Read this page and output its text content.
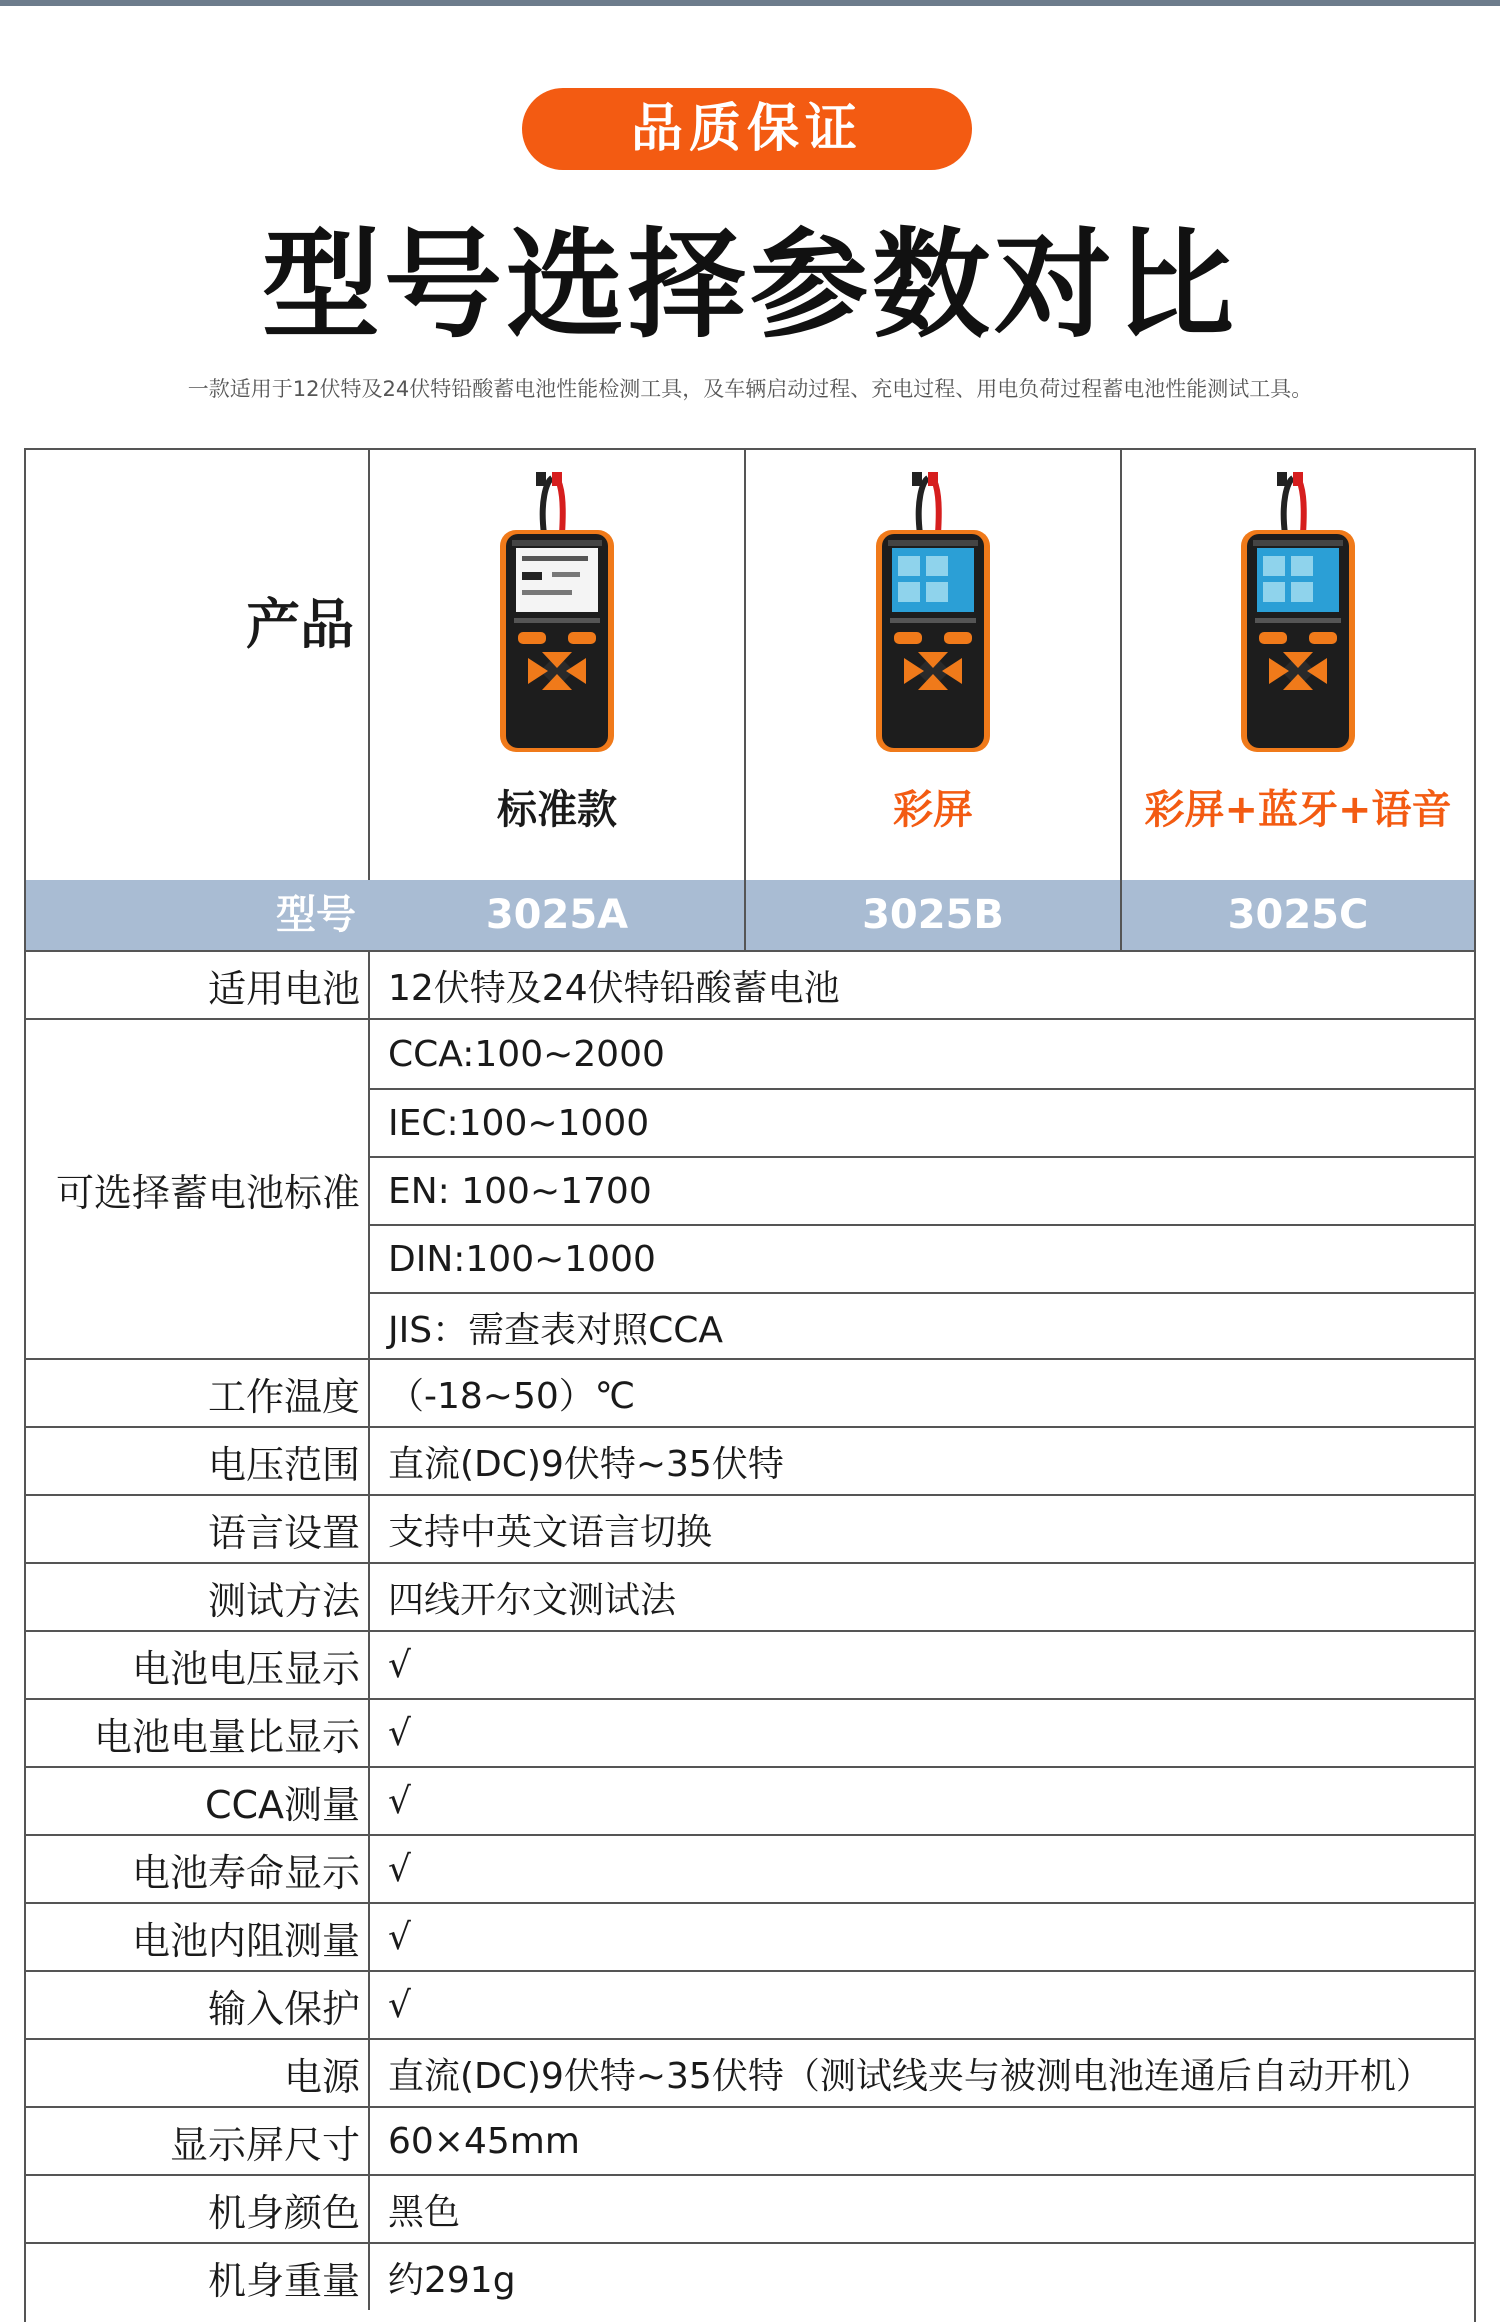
品质保证
型号选择参数对比
一款适用于12伏特及24伏特铅酸蓄电池性能检测工具，及车辆启动过程、充电过程、用电负荷过程蓄电池性能测试工具。
产品
型号
标准款
3025A
彩屏
3025B
彩屏+蓝牙+语音
3025C
适用电池 12伏特及24伏特铅酸蓄电池
可选择蓄电池标准
CCA:100~2000
IEC:100~1000
EN: 100~1700
DIN:100~1000
JIS：需查表对照CCA
工作温度 （-18~50）℃
电压范围 直流(DC)9伏特~35伏特
语言设置 支持中英文语言切换
测试方法 四线开尔文测试法
电池电压显示 √
电池电量比显示 √
CCA测量 √
电池寿命显示 √
电池内阻测量 √
输入保护 √
电源 直流(DC)9伏特~35伏特（测试线夹与被测电池连通后自动开机）
显示屏尺寸 60×45mm
机身颜色 黑色
机身重量 约291g
